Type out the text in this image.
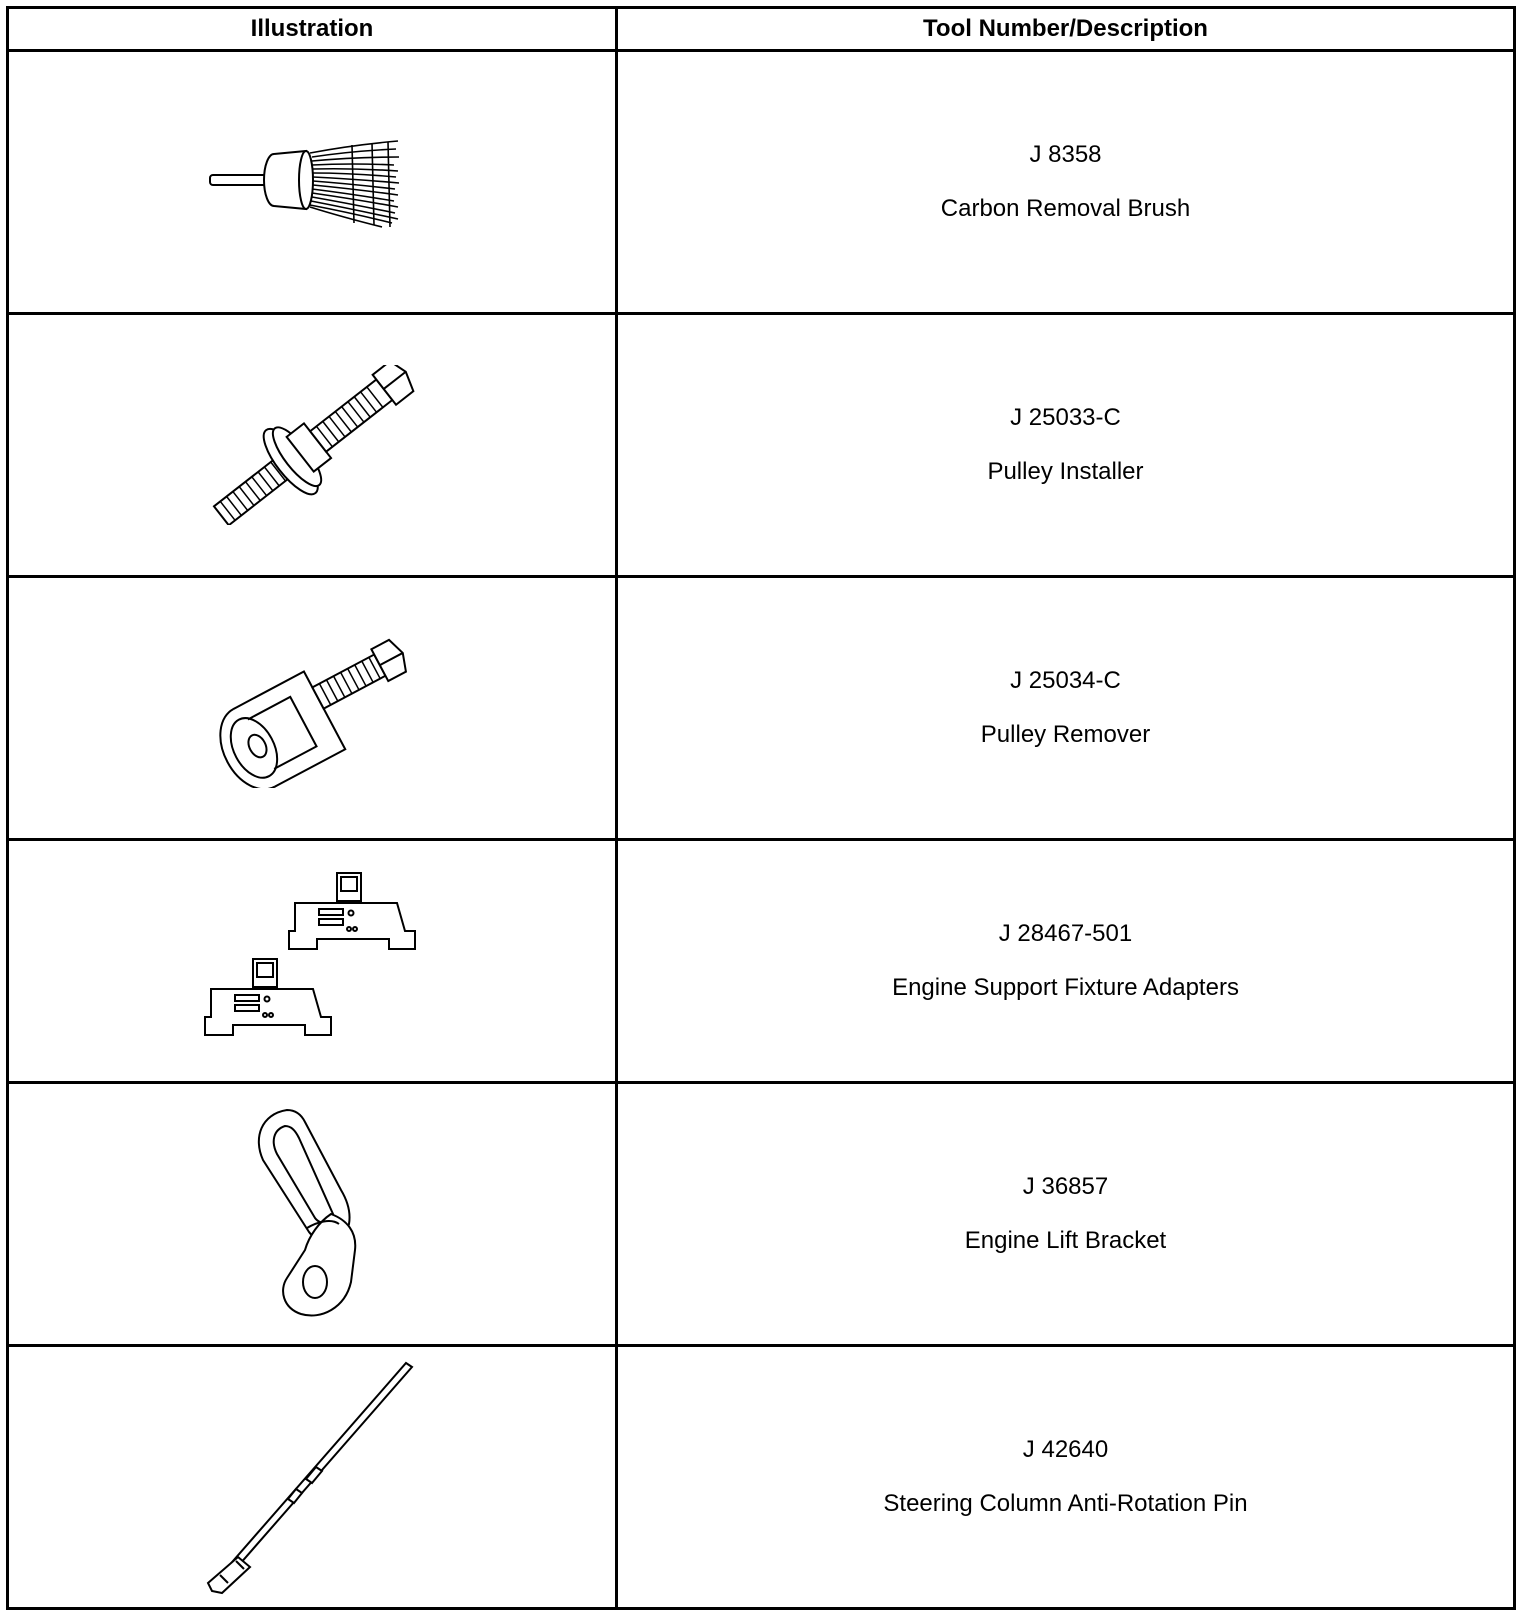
Illustration	Tool Number/Description

J 8358
Carbon Removal Brush

J 25033-C
Pulley Installer

J 25034-C
Pulley Remover

J 28467-501
Engine Support Fixture Adapters

J 36857
Engine Lift Bracket

J 42640
Steering Column Anti-Rotation Pin
